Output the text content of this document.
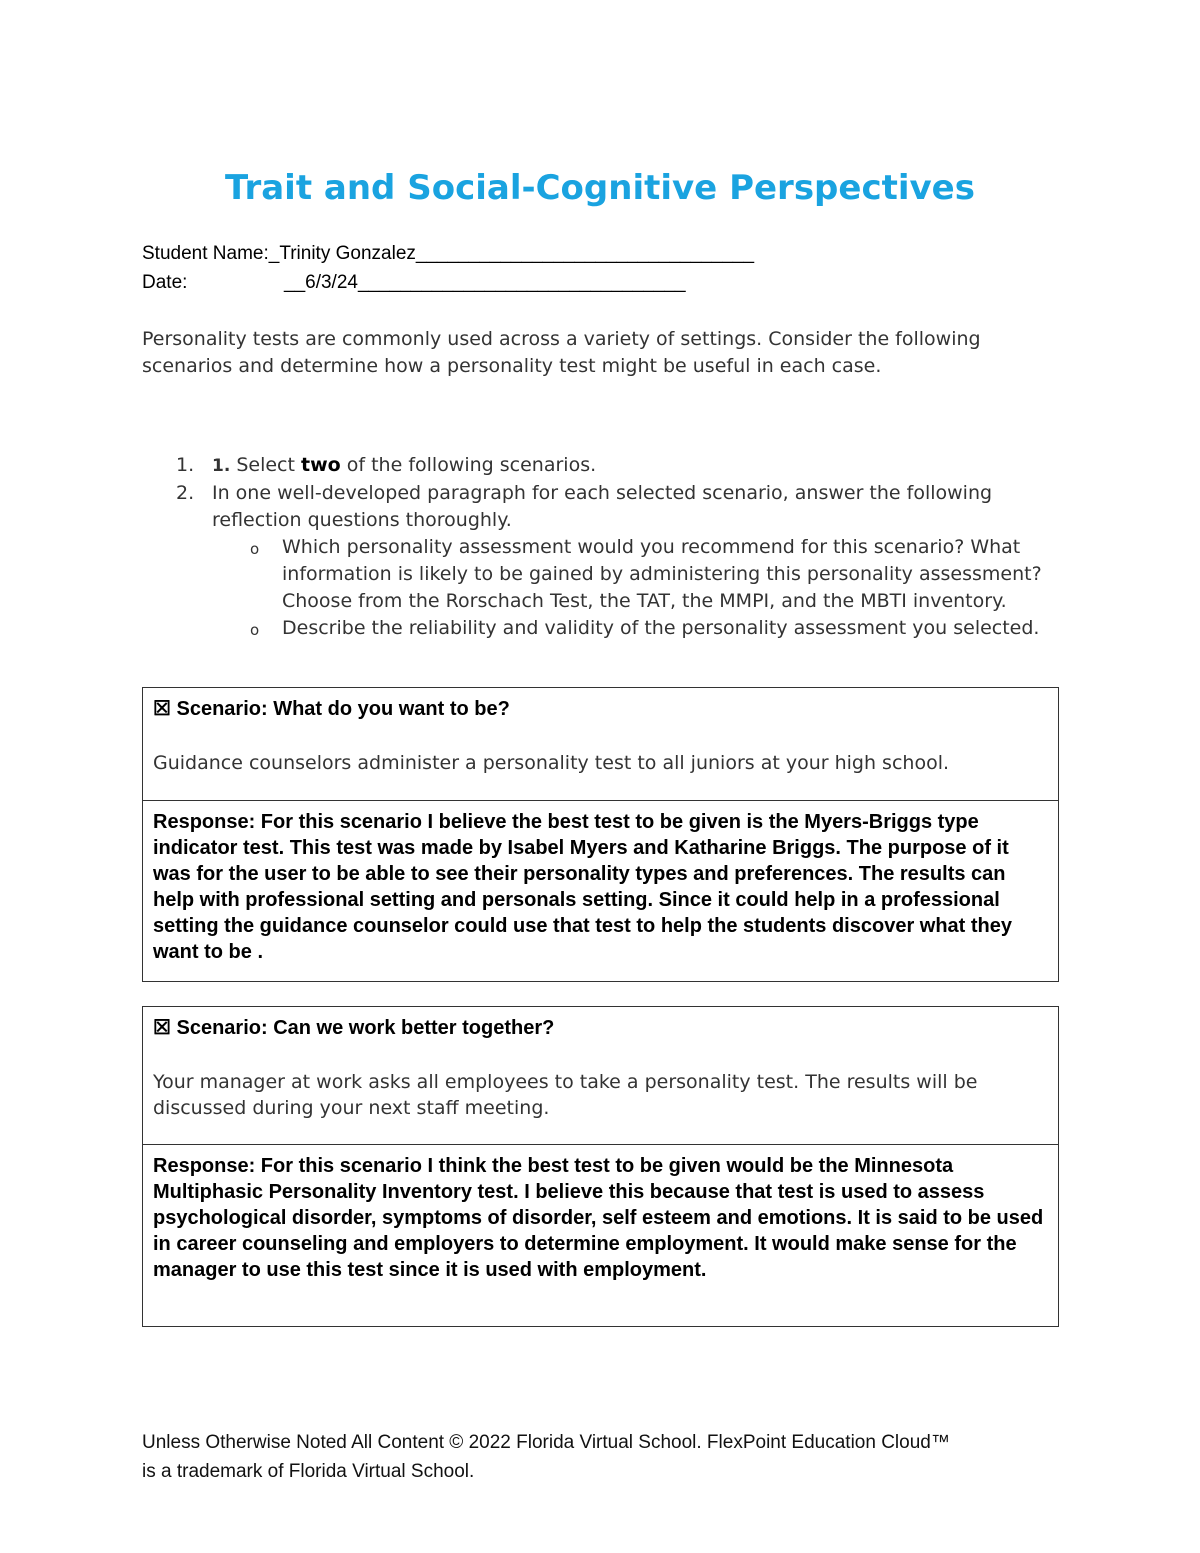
Trait and Social-Cognitive Perspectives
Student Name:_Trinity Gonzalez________________________________
Date:	__6/3/24_______________________________
Personality tests are commonly used across a variety of settings. Consider the following scenarios and determine how a personality test might be useful in each case.
1. 1. Select two of the following scenarios.
2. In one well-developed paragraph for each selected scenario, answer the following reflection questions thoroughly.
o Which personality assessment would you recommend for this scenario? What information is likely to be gained by administering this personality assessment? Choose from the Rorschach Test, the TAT, the MMPI, and the MBTI inventory.
o Describe the reliability and validity of the personality assessment you selected.
☒ Scenario: What do you want to be?
Guidance counselors administer a personality test to all juniors at your high school.
Response: For this scenario I believe the best test to be given is the Myers-Briggs type indicator test. This test was made by Isabel Myers and Katharine Briggs. The purpose of it was for the user to be able to see their personality types and preferences. The results can help with professional setting and personals setting. Since it could help in a professional setting the guidance counselor could use that test to help the students discover what they want to be .
☒ Scenario: Can we work better together?
Your manager at work asks all employees to take a personality test. The results will be discussed during your next staff meeting.
Response: For this scenario I think the best test to be given would be the Minnesota Multiphasic Personality Inventory test. I believe this because that test is used to assess psychological disorder, symptoms of disorder, self esteem and emotions. It is said to be used in career counseling and employers to determine employment. It would make sense for the manager to use this test since it is used with employment.
Unless Otherwise Noted All Content © 2022 Florida Virtual School. FlexPoint Education Cloud™
is a trademark of Florida Virtual School.
